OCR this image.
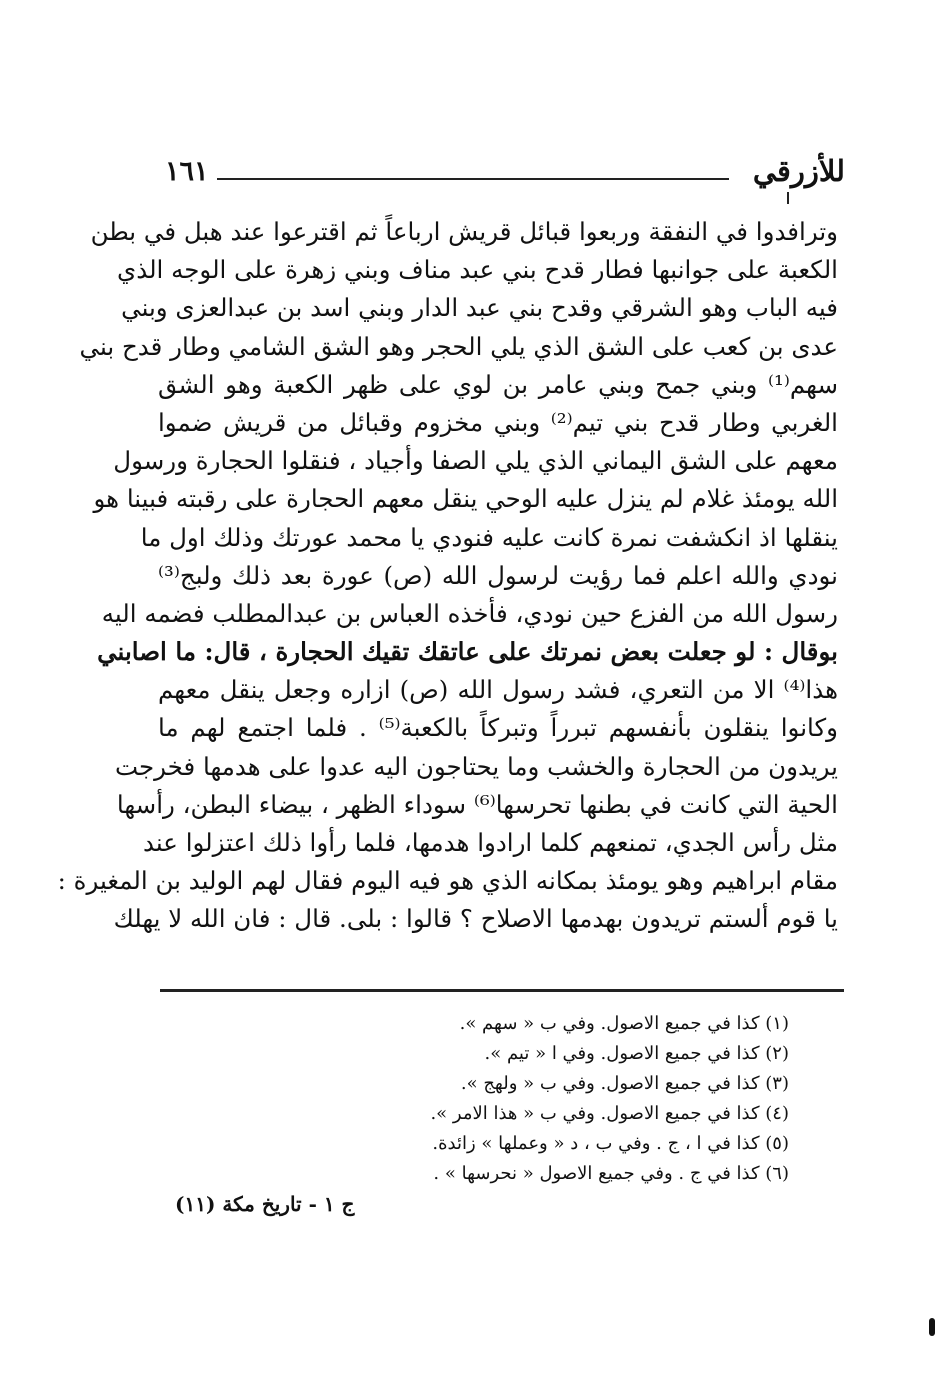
١٦١	للأزرقي
وترافدوا في النفقة وربعوا قبائل قريش ارباعاً ثم اقترعوا عند هبل في بطن
الكعبة على جوانبها فطار قدح بني عبد مناف وبني زهرة على الوجه الذي
فيه الباب وهو الشرقي وقدح بني عبد الدار وبني اسد بن عبدالعزى وبني
عدى بن كعب على الشق الذي يلي الحجر وهو الشق الشامي وطار قدح بني
سهم⁽¹⁾ وبني جمح وبني عامر بن لوي على ظهر الكعبة وهو الشق
الغربي وطار قدح بني تيم⁽²⁾ وبني مخزوم وقبائل من قريش ضموا
معهم على الشق اليماني الذي يلي الصفا وأجياد ، فنقلوا الحجارة ورسول
الله يومئذ غلام لم ينزل عليه الوحي ينقل معهم الحجارة على رقبته فبينا هو
ينقلها اذ انكشفت نمرة كانت عليه فنودي يا محمد عورتك وذلك اول ما
نودي والله اعلم فما رؤيت لرسول الله (ص) عورة بعد ذلك ولبج⁽³⁾
رسول الله من الفزع حين نودي، فأخذه العباس بن عبدالمطلب فضمه اليه
بوقال : لو جعلت بعض نمرتك على عاتقك تقيك الحجارة ، قال: ما اصابني
هذا⁽⁴⁾ الا من التعري، فشد رسول الله (ص) ازاره وجعل ينقل معهم
وكانوا ينقلون بأنفسهم تبرراً وتبركاً بالكعبة⁽⁵⁾ . فلما اجتمع لهم ما
يريدون من الحجارة والخشب وما يحتاجون اليه عدوا على هدمها فخرجت
الحية التي كانت في بطنها تحرسها⁽⁶⁾ سوداء الظهر ، بيضاء البطن، رأسها
مثل رأس الجدي، تمنعهم كلما ارادوا هدمها، فلما رأوا ذلك اعتزلوا عند
مقام ابراهيم وهو يومئذ بمكانه الذي هو فيه اليوم فقال لهم الوليد بن المغيرة :
يا قوم ألستم تريدون بهدمها الاصلاح ؟ قالوا : بلى. قال : فان الله لا يهلك
(١) كذا في جميع الاصول. وفي ب « سهم ».
(٢) كذا في جميع الاصول. وفي ا « تيم ».
(٣) كذا في جميع الاصول. وفي ب « ولهج ».
(٤) كذا في جميع الاصول. وفي ب « هذا الامر ».
(٥) كذا في ا ، ج . وفي ب ، د « وعملها » زائدة.
(٦) كذا في ج . وفي جميع الاصول « نحرسها » .
ج ١ - تاريخ مكة (١١)
